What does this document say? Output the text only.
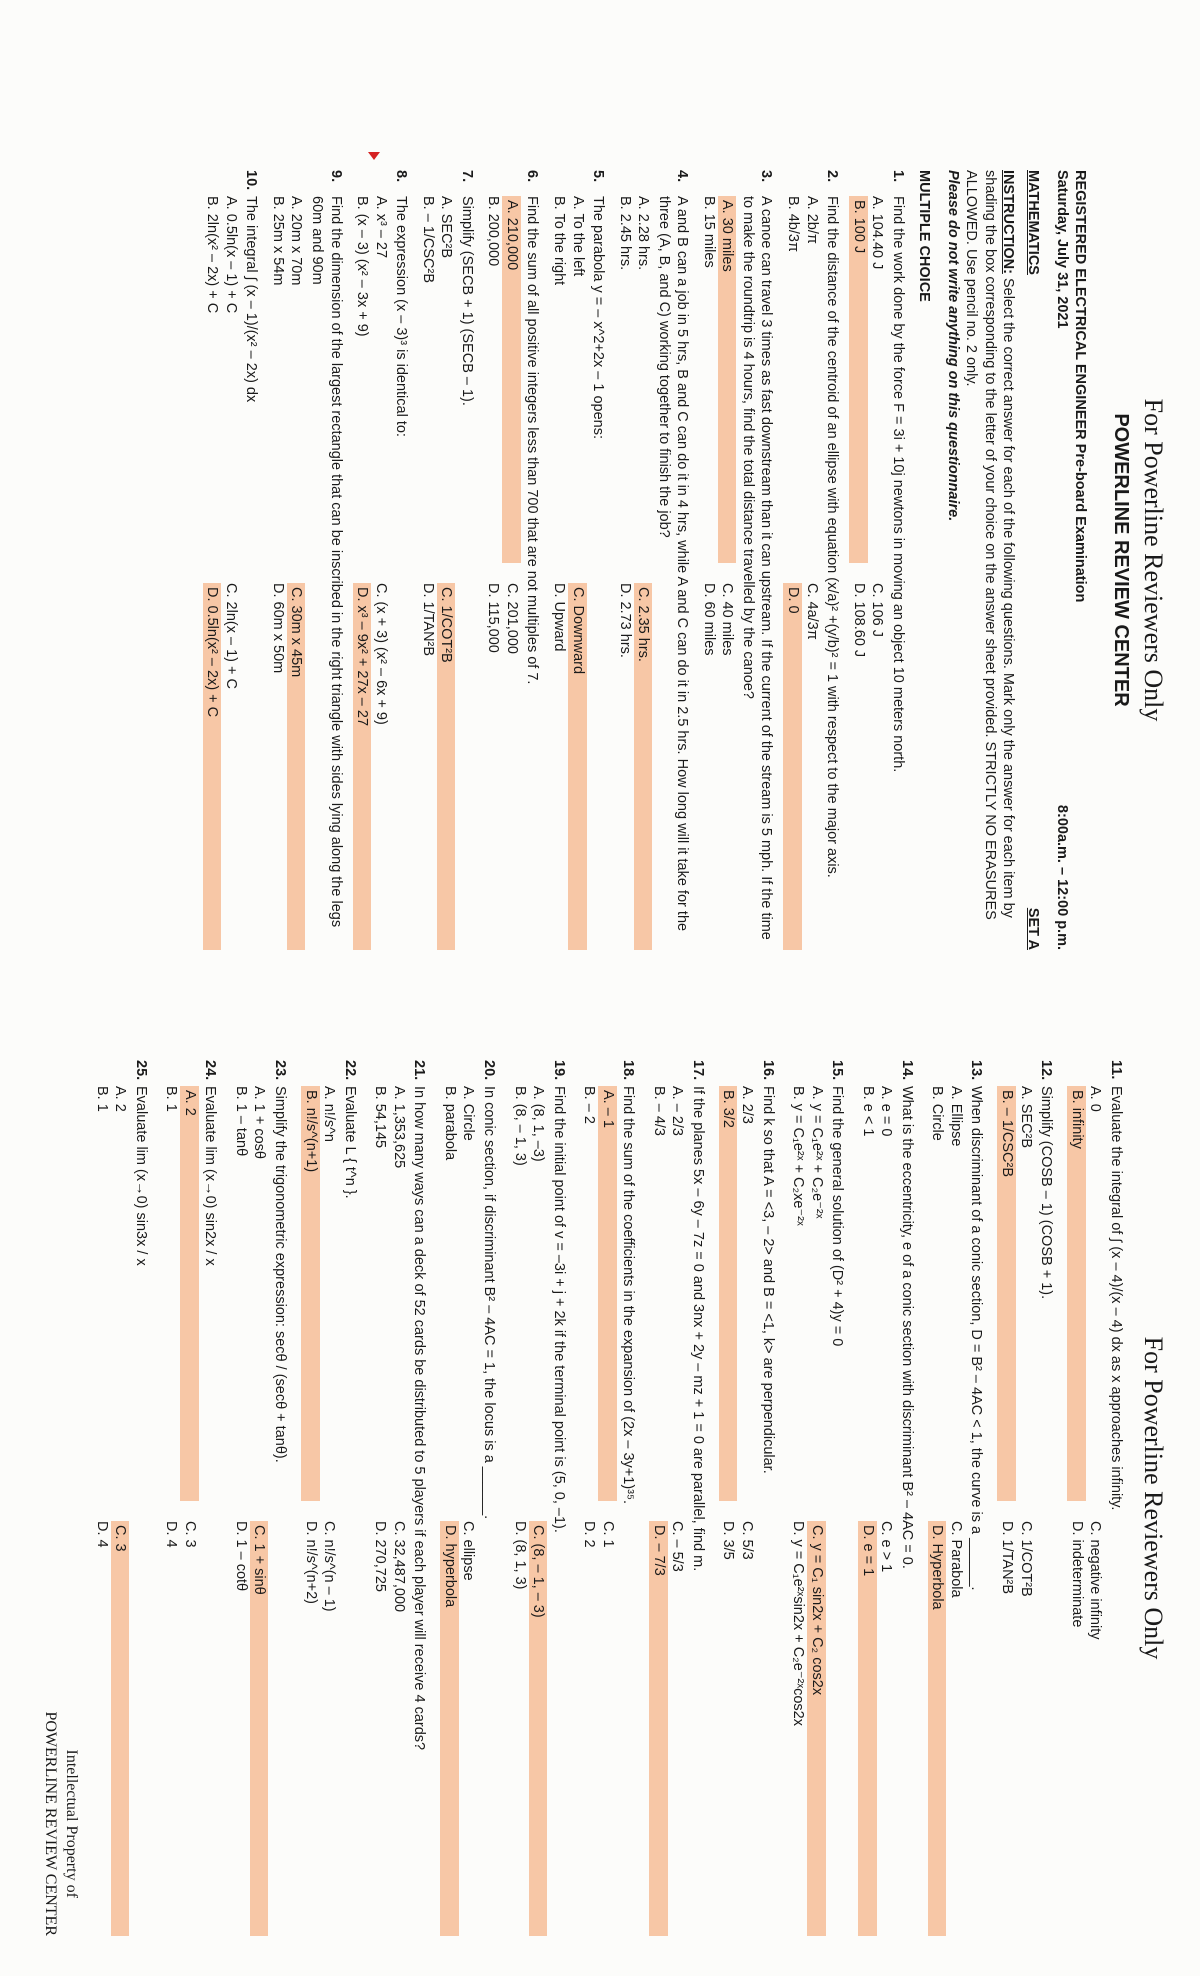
For Powerline Reviewers Only
POWERLINE REVIEW CENTER
REGISTERED ELECTRICAL ENGINEER Pre-board Examination
Saturday, July 31, 2021

8:00a.m. – 12:00 p.m.
MATHEMATICS
SET A
INSTRUCTION: Select the correct answer for each of the following questions. Mark only the answer for each item by shading the box corresponding to the letter of your choice on the answer sheet provided. STRICTLY NO ERASURES ALLOWED. Use pencil no. 2 only.
Please do not write anything on this questionnaire.
MULTIPLE CHOICE
1.
Find the work done by the force F = 3i + 10j newtons in moving an object 10 meters north.
A. 104.40 J
C. 106 J
B. 100 J
D. 108.60 J
2.
Find the distance of the centroid of an ellipse with equation (x/a)² +(y/b)² = 1 with respect to the major axis.
A. 2b/π
C. 4a/3π
B. 4b/3π
D. 0
3.
A canoe can travel 3 times as fast downstream than it can upstream. If the current of the stream is 5 mph. If the time to make the roundtrip is 4 hours, find the total distance travelled by the canoe?
A. 30 miles
C. 40 miles
B. 15 miles
D. 60 miles
4.
A and B can a job in 5 hrs, B and C can do it in 4 hrs, while A and C can do it in 2.5 hrs. How long will it take for the three (A, B, and C) working together to finish the job?
A. 2.28 hrs.
C. 2.35 hrs.
B. 2.45 hrs.
D. 2.73 hrs.
5.
The parabola y = – x^2+2x – 1 opens:
A. To the left
C. Downward
B. To the right
D. Upward
6.
Find the sum of all positive integers less than 700 that are not multiples of 7.
A. 210,000
C. 201,000
B. 200,000
D. 115,000
7.
Simplify (SECB + 1) (SECB – 1).
A. SEC²B
C. 1/COT²B
B. – 1/CSC²B
D. 1/TAN²B
8.
The expression (x – 3)³ is identical to:
A. x³ – 27
C. (x + 3) (x² – 6x + 9)
B. (x – 3) (x² – 3x + 9)
D. x³ – 9x² + 27x – 27
9.
Find the dimension of the largest rectangle that can be inscribed in the right triangle with sides lying along the legs 60m and 90m
A. 20m x 70m
C. 30m x 45m
B. 25m x 54m
D. 60m x 50m
10.
The integral ∫ (x – 1)/(x² – 2x) dx
A. 0.5ln(x – 1) + C
C. 2ln(x – 1) + C
B. 2ln(x² – 2x) + C
D. 0.5ln(x² – 2x) + C
For Powerline Reviewers Only
11.
Evaluate the integral of ∫ (x – 4)/(x – 4) dx as x approaches infinity.
A. 0
C. negative infinity
B. infinity
D. indeterminate
12.
Simplify (COSB – 1) (COSB + 1).
A. SEC²B
C. 1/COT²B
B. – 1/CSC²B
D. 1/TAN²B
13.
When discriminant of a conic section, D = B² – 4AC < 1, the curve is a ______.
A. Ellipse
C. Parabola
B. Circle
D. Hyperbola
14.
What is the eccentricity, e of a conic section with discriminant B² – 4AC = 0.
A. e = 0
C. e > 1
B. e < 1
D. e = 1
15.
Find the general solution of (D² + 4)y = 0
A. y = C₁e²ˣ + C₂e⁻²ˣ
C. y = C₁ sin2x + C₂ cos2x
B. y = C₁e²ˣ + C₂xe⁻²ˣ
D. y = C₁e²ˣsin2x + C₂e⁻²ˣcos2x
16.
Find k so that A = <3, – 2> and B = <1, k> are perpendicular.
A. 2/3
C. 5/3
B. 3/2
D. 3/5
17.
If the planes 5x – 6y – 7z = 0 and 3nx + 2y – mz + 1 = 0 are parallel, find m.
A. – 2/3
C. – 5/3
B. – 4/3
D. – 7/3
18.
Find the sum of the coefficients in the expansion of (2x – 3y+1)³⁵.
A. – 1
C. 1
B. – 2
D. 2
19.
Find the initial point of v = –3i + j + 2k if the terminal point is (5, 0, –1).
A. (8, 1, –3)
C. (8, – 1, – 3)
B. (8, – 1, 3)
D. (8, 1, 3)
20.
In conic section, if discriminant B² – 4AC = 1, the locus is a ______.
A. Circle
C. ellipse
B. parabola
D. hyperbola
21.
In how many ways can a deck of 52 cards be distributed to 5 players if each player will receive 4 cards?
A. 1,353,625
C. 32,487,000
B. 54,145
D. 270,725
22.
Evaluate L { t^n }.
A. n!/s^n
C. n!/s^(n – 1)
B. n!/s^(n+1)
D. n!/s^(n+2)
23.
Simplify the trigonometric expression: secθ / (secθ + tanθ).
A. 1 + cosθ
C. 1 + sinθ
B. 1 – tanθ
D. 1 – cotθ
24.
Evaluate lim (x→0) sin2x / x
A. 2
C. 3
B. 1
D. 4
25.
Evaluate lim (x→0) sin3x / x
A. 2
C. 3
B. 1
D. 4
Intellectual Property of
POWERLINE REVIEW CENTER
